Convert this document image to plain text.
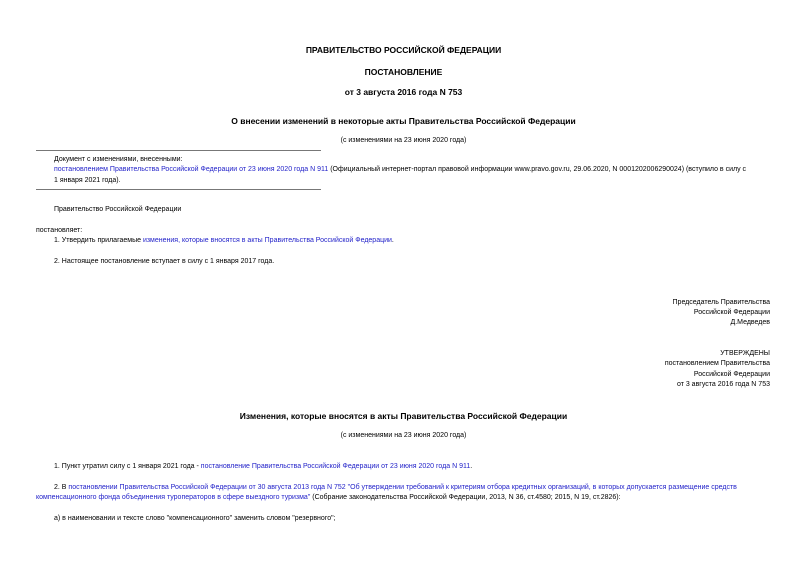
ПРАВИТЕЛЬСТВО РОССИЙСКОЙ ФЕДЕРАЦИИ
ПОСТАНОВЛЕНИЕ
от 3 августа 2016 года N 753
О внесении изменений в некоторые акты Правительства Российской Федерации
(с изменениями на 23 июня 2020 года)
Документ с изменениями, внесенными:
постановлением Правительства Российской Федерации от 23 июня 2020 года N 911 (Официальный интернет-портал правовой информации www.pravo.gov.ru, 29.06.2020, N 0001202006290024) (вступило в силу с
1 января 2021 года).
Правительство Российской Федерации
постановляет:
1. Утвердить прилагаемые изменения, которые вносятся в акты Правительства Российской Федерации.
2. Настоящее постановление вступает в силу с 1 января 2017 года.
Председатель Правительства
Российской Федерации
Д.Медведев
УТВЕРЖДЕНЫ
постановлением Правительства
Российской Федерации
от 3 августа 2016 года N 753
Изменения, которые вносятся в акты Правительства Российской Федерации
(с изменениями на 23 июня 2020 года)
1. Пункт утратил силу с 1 января 2021 года - постановление Правительства Российской Федерации от 23 июня 2020 года N 911.
2. В постановлении Правительства Российской Федерации от 30 августа 2013 года N 752 "Об утверждении требований к критериям отбора кредитных организаций, в которых допускается размещение средств
компенсационного фонда объединения туроператоров в сфере выездного туризма" (Собрание законодательства Российской Федерации, 2013, N 36, ст.4580; 2015, N 19, ст.2826):
а) в наименовании и тексте слово "компенсационного" заменить словом "резервного";
